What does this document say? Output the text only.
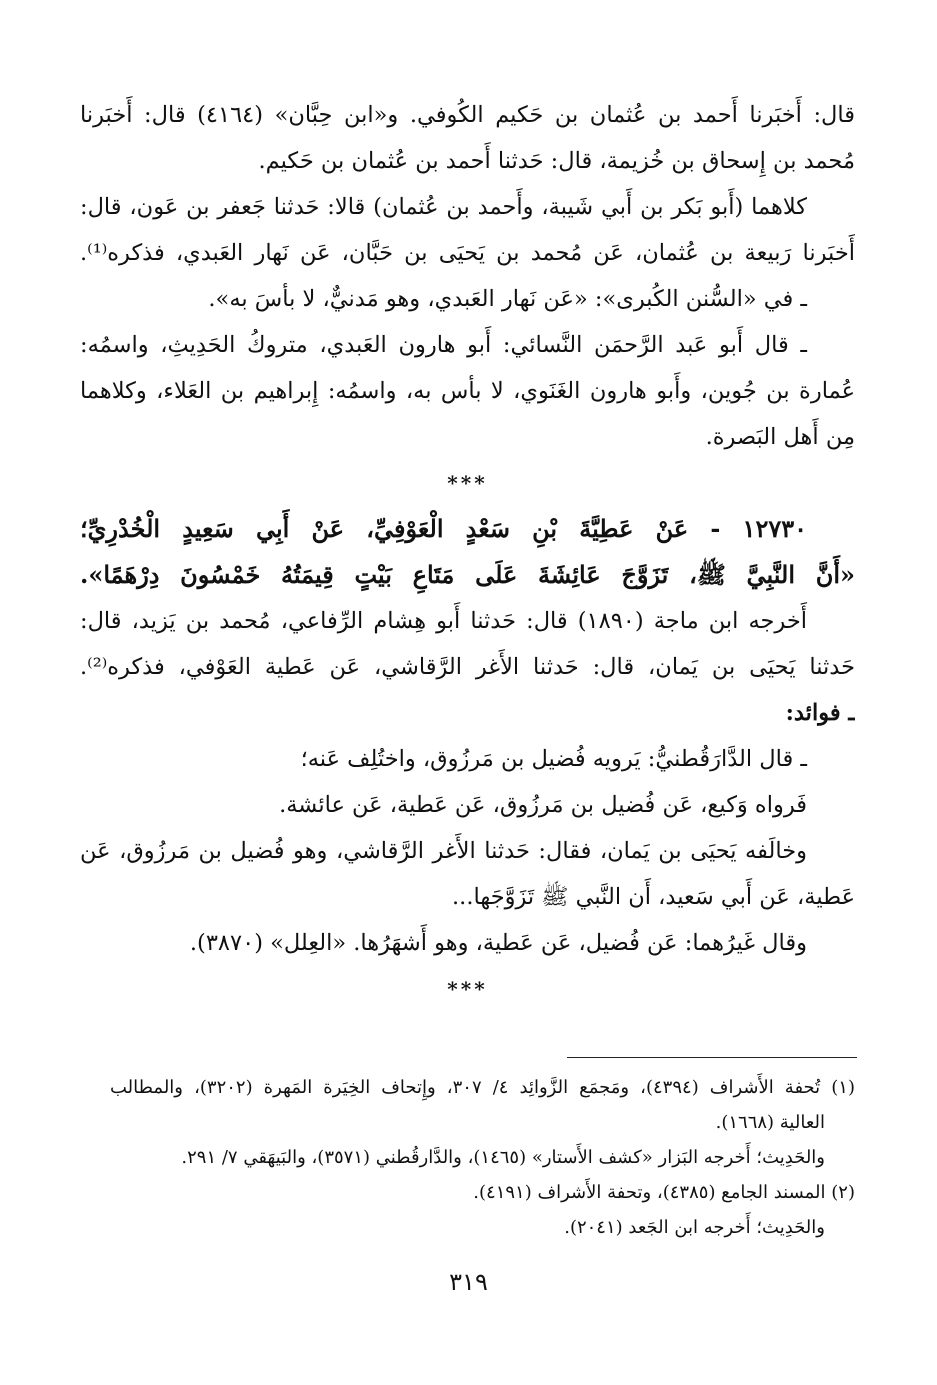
قال: أَخبَرنا أَحمد بن عُثمان بن حَكيم الكُوفي. و«ابن حِبَّان» (٤١٦٤) قال: أَخبَرنا
مُحمد بن إِسحاق بن خُزيمة، قال: حَدثنا أَحمد بن عُثمان بن حَكيم.
كلاهما (أَبو بَكر بن أَبي شَيبة، وأَحمد بن عُثمان) قالا: حَدثنا جَعفر بن عَون، قال:
أَخبَرنا رَبيعة بن عُثمان، عَن مُحمد بن يَحيَى بن حَبَّان، عَن نَهار العَبدي، فذكره⁽¹⁾.
ـ في «السُّنن الكُبرى»: «عَن نَهار العَبدي، وهو مَدنيٌّ، لا بأسَ به».
ـ قال أَبو عَبد الرَّحمَن النَّسائي: أَبو هارون العَبدي، متروكُ الحَدِيثِ، واسمُه:
عُمارة بن جُوين، وأَبو هارون الغَنَوي، لا بأس به، واسمُه: إِبراهيم بن العَلاء، وكلاهما
مِن أَهل البَصرة.
***
١٢٧٣٠ - عَنْ عَطِيَّةَ بْنِ سَعْدٍ الْعَوْفِيِّ، عَنْ أَبِي سَعِيدٍ الْخُدْرِيِّ؛
«أَنَّ النَّبِيَّ ﷺ، تَزَوَّجَ عَائِشَةَ عَلَى مَتَاعِ بَيْتٍ قِيمَتُهُ خَمْسُونَ دِرْهَمًا».
أَخرجه ابن ماجة (١٨٩٠) قال: حَدثنا أَبو هِشام الرِّفاعي، مُحمد بن يَزيد، قال:
حَدثنا يَحيَى بن يَمان، قال: حَدثنا الأَغر الرَّقاشي، عَن عَطية العَوْفي، فذكره⁽²⁾.
ـ فوائد:
ـ قال الدَّارَقُطنيُّ: يَرويه فُضيل بن مَرزُوق، واختُلِف عَنه؛
فَرواه وَكيع، عَن فُضيل بن مَرزُوق، عَن عَطية، عَن عائشة.
وخالَفه يَحيَى بن يَمان، فقال: حَدثنا الأَغر الرَّقاشي، وهو فُضيل بن مَرزُوق، عَن
عَطية، عَن أَبي سَعيد، أَن النَّبي ﷺ تَزَوَّجَها...
وقال غَيرُهما: عَن فُضيل، عَن عَطية، وهو أَشهَرُها. «العِلل» (٣٨٧٠).
***
(١) تُحفة الأَشراف (٤٣٩٤)، ومَجمَع الزَّوائِد ٤/ ٣٠٧، وإِتحاف الخِيَرة المَهرة (٣٢٠٢)، والمطالب
العالية (١٦٦٨).
والحَدِيث؛ أَخرجه البَزار «كشف الأَستار» (١٤٦٥)، والدَّارقُطني (٣٥٧١)، والبَيهَقي ٧/ ٢٩١.
(٢) المسند الجامع (٤٣٨٥)، وتحفة الأَشراف (٤١٩١).
والحَدِيث؛ أَخرجه ابن الجَعد (٢٠٤١).
٣١٩
